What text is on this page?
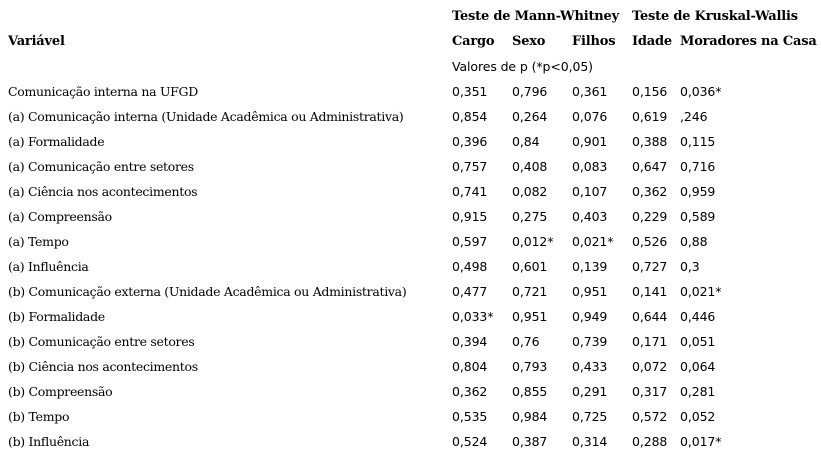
Teste de Mann-Whitney Teste de Kruskal-Wallis
Variável	Cargo Sexo Filhos Idade Moradores na Casa
Valores de p (*p<0,05)
Comunicação interna na UFGD	0,351 0,796 0,361 0,156 0,036*
(a) Comunicação interna (Unidade Acadêmica ou Administrativa)	0,854 0,264 0,076 0,619 ,246
(a) Formalidade	0,396 0,84	0,901 0,388 0,115
(a) Comunicação entre setores	0,757 0,408 0,083 0,647 0,716
(a) Ciência nos acontecimentos	0,741 0,082 0,107 0,362 0,959
(a) Compreensão	0,915 0,275 0,403 0,229 0,589
(a) Tempo	0,597 0,012* 0,021* 0,526 0,88
(a) Influência	0,498 0,601 0,139 0,727 0,3
(b) Comunicação externa (Unidade Acadêmica ou Administrativa)	0,477 0,721 0,951 0,141 0,021*
(b) Formalidade	0,033* 0,951 0,949 0,644 0,446
(b) Comunicação entre setores	0,394 0,76	0,739 0,171 0,051
(b) Ciência nos acontecimentos	0,804 0,793 0,433 0,072 0,064
(b) Compreensão	0,362 0,855 0,291 0,317 0,281
(b) Tempo	0,535 0,984 0,725 0,572 0,052
(b) Influência	0,524 0,387 0,314 0,288 0,017*
